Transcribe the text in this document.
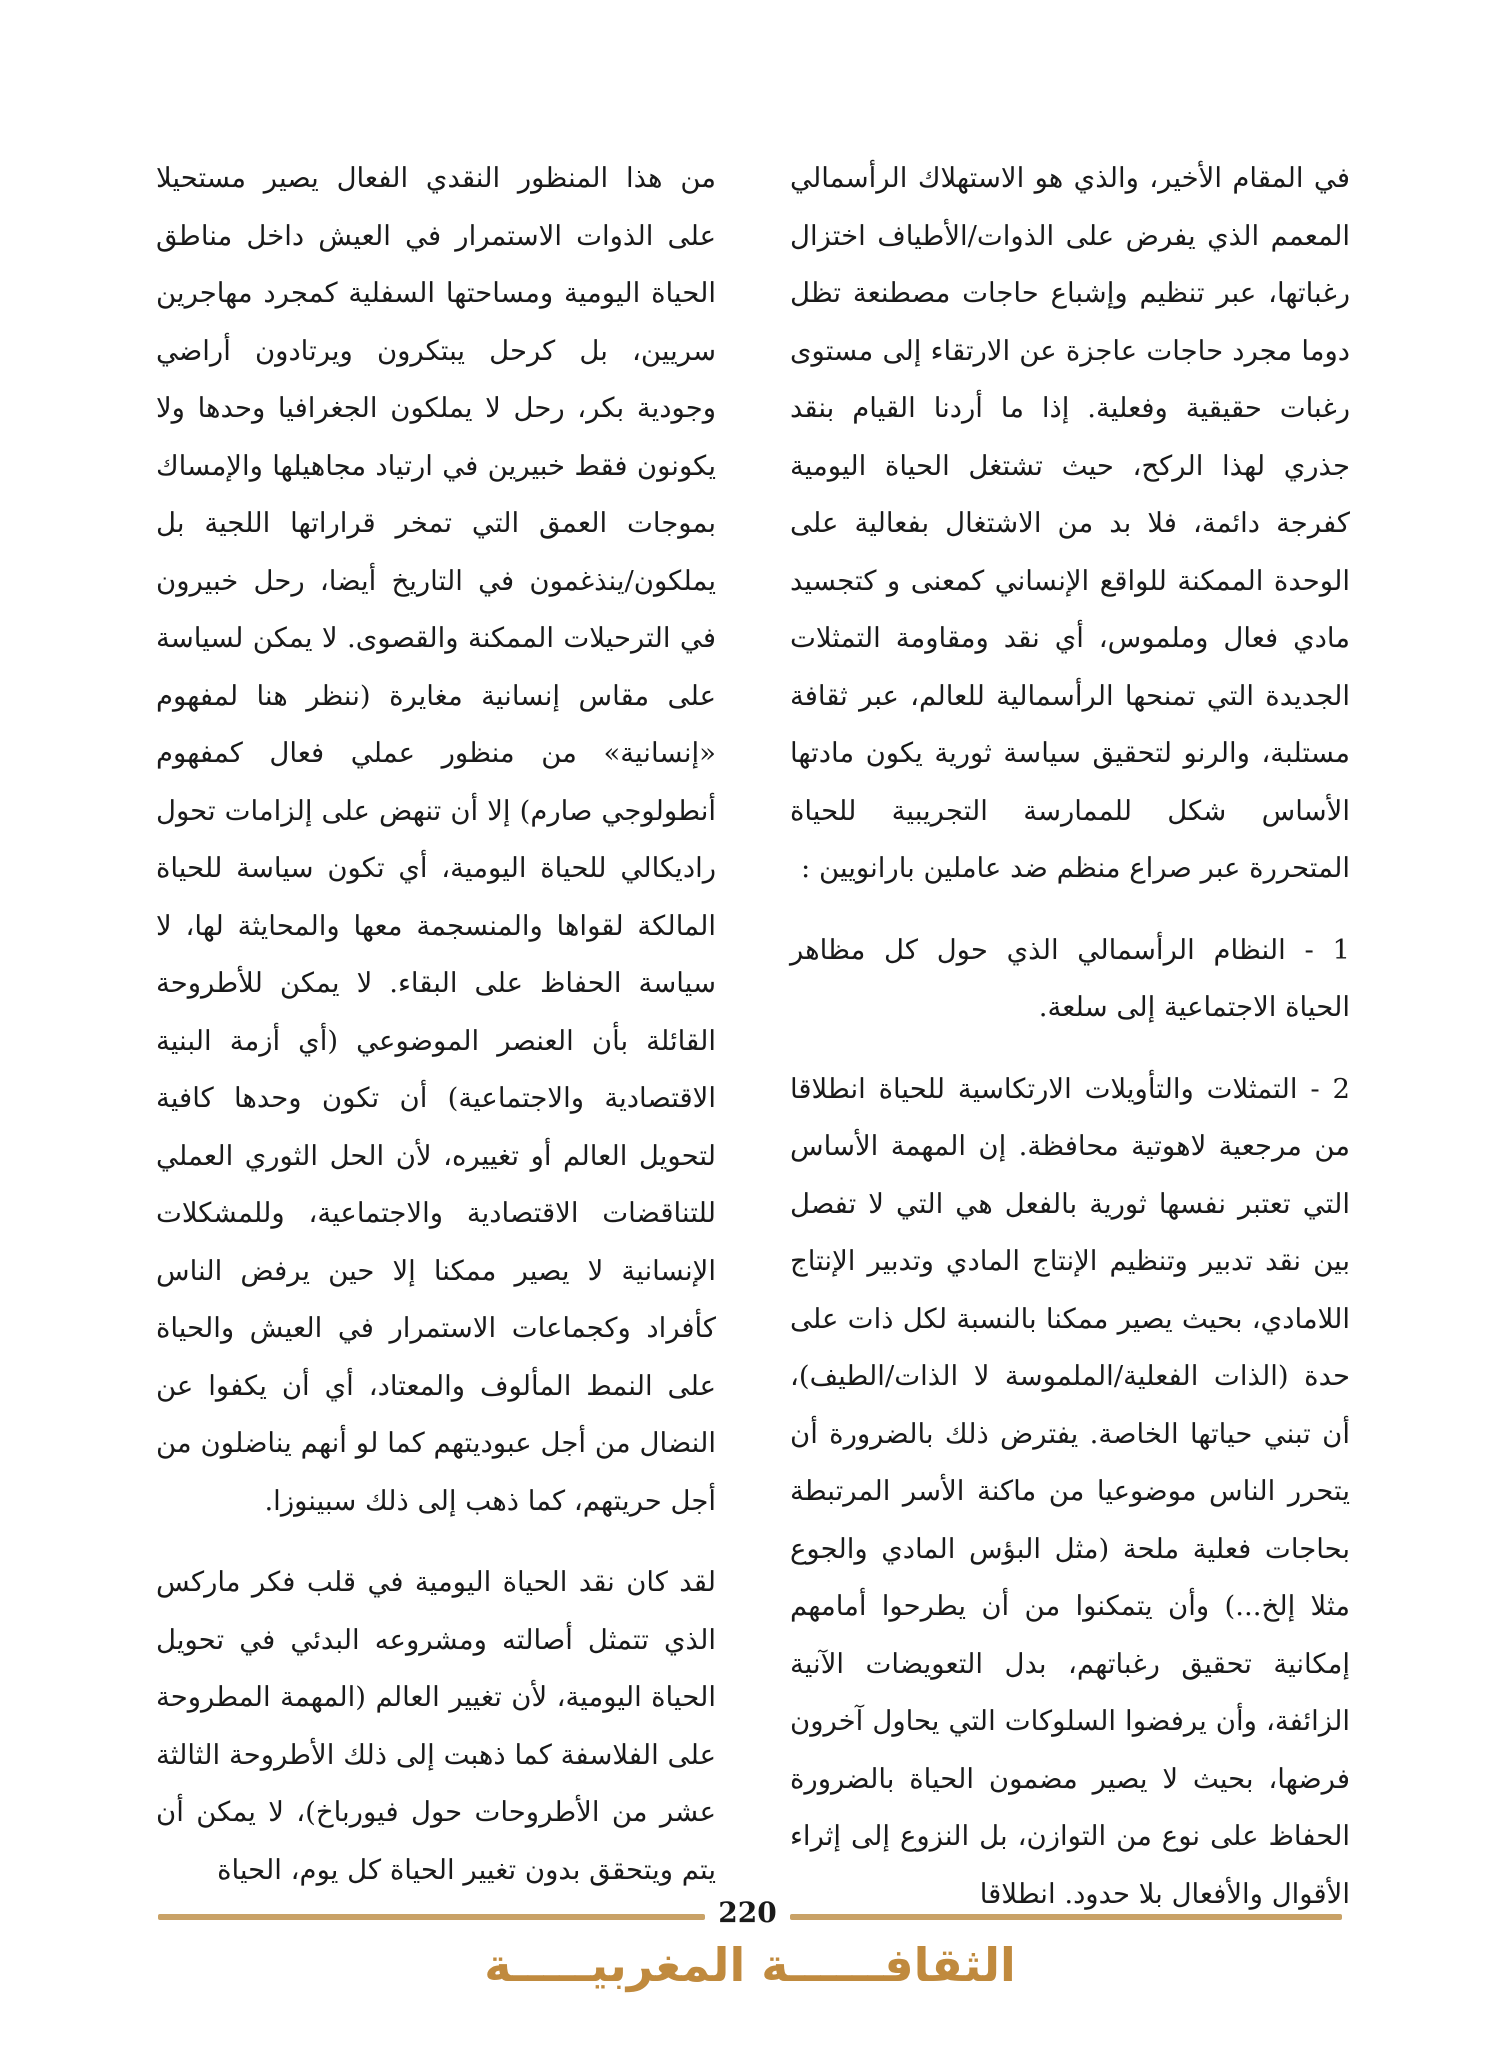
في المقام الأخير، والذي هو الاستهلاك الرأسمالي المعمم الذي يفرض على الذوات/الأطياف اختزال رغباتها، عبر تنظيم وإشباع حاجات مصطنعة تظل دوما مجرد حاجات عاجزة عن الارتقاء إلى مستوى رغبات حقيقية وفعلية. إذا ما أردنا القيام بنقد جذري لهذا الركح، حيث تشتغل الحياة اليومية كفرجة دائمة، فلا بد من الاشتغال بفعالية على الوحدة الممكنة للواقع الإنساني كمعنى و كتجسيد مادي فعال وملموس، أي نقد ومقاومة التمثلات الجديدة التي تمنحها الرأسمالية للعالم، عبر ثقافة مستلبة، والرنو لتحقيق سياسة ثورية يكون مادتها الأساس شكل للممارسة التجريبية للحياة المتحررة عبر صراع منظم ضد عاملين بارانويين :

1 - النظام الرأسمالي الذي حول كل مظاهر الحياة الاجتماعية إلى سلعة.

2 - التمثلات والتأويلات الارتكاسية للحياة انطلاقا من مرجعية لاهوتية محافظة. إن المهمة الأساس التي تعتبر نفسها ثورية بالفعل هي التي لا تفصل بين نقد تدبير وتنظيم الإنتاج المادي وتدبير الإنتاج اللامادي، بحيث يصير ممكنا بالنسبة لكل ذات على حدة (الذات الفعلية/الملموسة لا الذات/الطيف)، أن تبني حياتها الخاصة. يفترض ذلك بالضرورة أن يتحرر الناس موضوعيا من ماكنة الأسر المرتبطة بحاجات فعلية ملحة (مثل البؤس المادي والجوع مثلا إلخ...) وأن يتمكنوا من أن يطرحوا أمامهم إمكانية تحقيق رغباتهم، بدل التعويضات الآنية الزائفة، وأن يرفضوا السلوكات التي يحاول آخرون فرضها، بحيث لا يصير مضمون الحياة بالضرورة الحفاظ على نوع من التوازن، بل النزوع إلى إثراء الأقوال والأفعال بلا حدود. انطلاقا

من هذا المنظور النقدي الفعال يصير مستحيلا على الذوات الاستمرار في العيش داخل مناطق الحياة اليومية ومساحتها السفلية كمجرد مهاجرين سريين، بل كرحل يبتكرون ويرتادون أراضي وجودية بكر، رحل لا يملكون الجغرافيا وحدها ولا يكونون فقط خبيرين في ارتياد مجاهيلها والإمساك بموجات العمق التي تمخر قراراتها اللجية بل يملكون/ينذغمون في التاريخ أيضا، رحل خبيرون في الترحيلات الممكنة والقصوى. لا يمكن لسياسة على مقاس إنسانية مغايرة (ننظر هنا لمفهوم «إنسانية» من منظور عملي فعال كمفهوم أنطولوجي صارم) إلا أن تنهض على إلزامات تحول راديكالي للحياة اليومية، أي تكون سياسة للحياة المالكة لقواها والمنسجمة معها والمحايثة لها، لا سياسة الحفاظ على البقاء. لا يمكن للأطروحة القائلة بأن العنصر الموضوعي (أي أزمة البنية الاقتصادية والاجتماعية) أن تكون وحدها كافية لتحويل العالم أو تغييره، لأن الحل الثوري العملي للتناقضات الاقتصادية والاجتماعية، وللمشكلات الإنسانية لا يصير ممكنا إلا حين يرفض الناس كأفراد وكجماعات الاستمرار في العيش والحياة على النمط المألوف والمعتاد، أي أن يكفوا عن النضال من أجل عبوديتهم كما لو أنهم يناضلون من أجل حريتهم، كما ذهب إلى ذلك سبينوزا.

لقد كان نقد الحياة اليومية في قلب فكر ماركس الذي تتمثل أصالته ومشروعه البدئي في تحويل الحياة اليومية، لأن تغيير العالم (المهمة المطروحة على الفلاسفة كما ذهبت إلى ذلك الأطروحة الثالثة عشر من الأطروحات حول فيورباخ)، لا يمكن أن يتم ويتحقق بدون تغيير الحياة كل يوم، الحياة

220
الثقافــــــة المغربيـــــة
